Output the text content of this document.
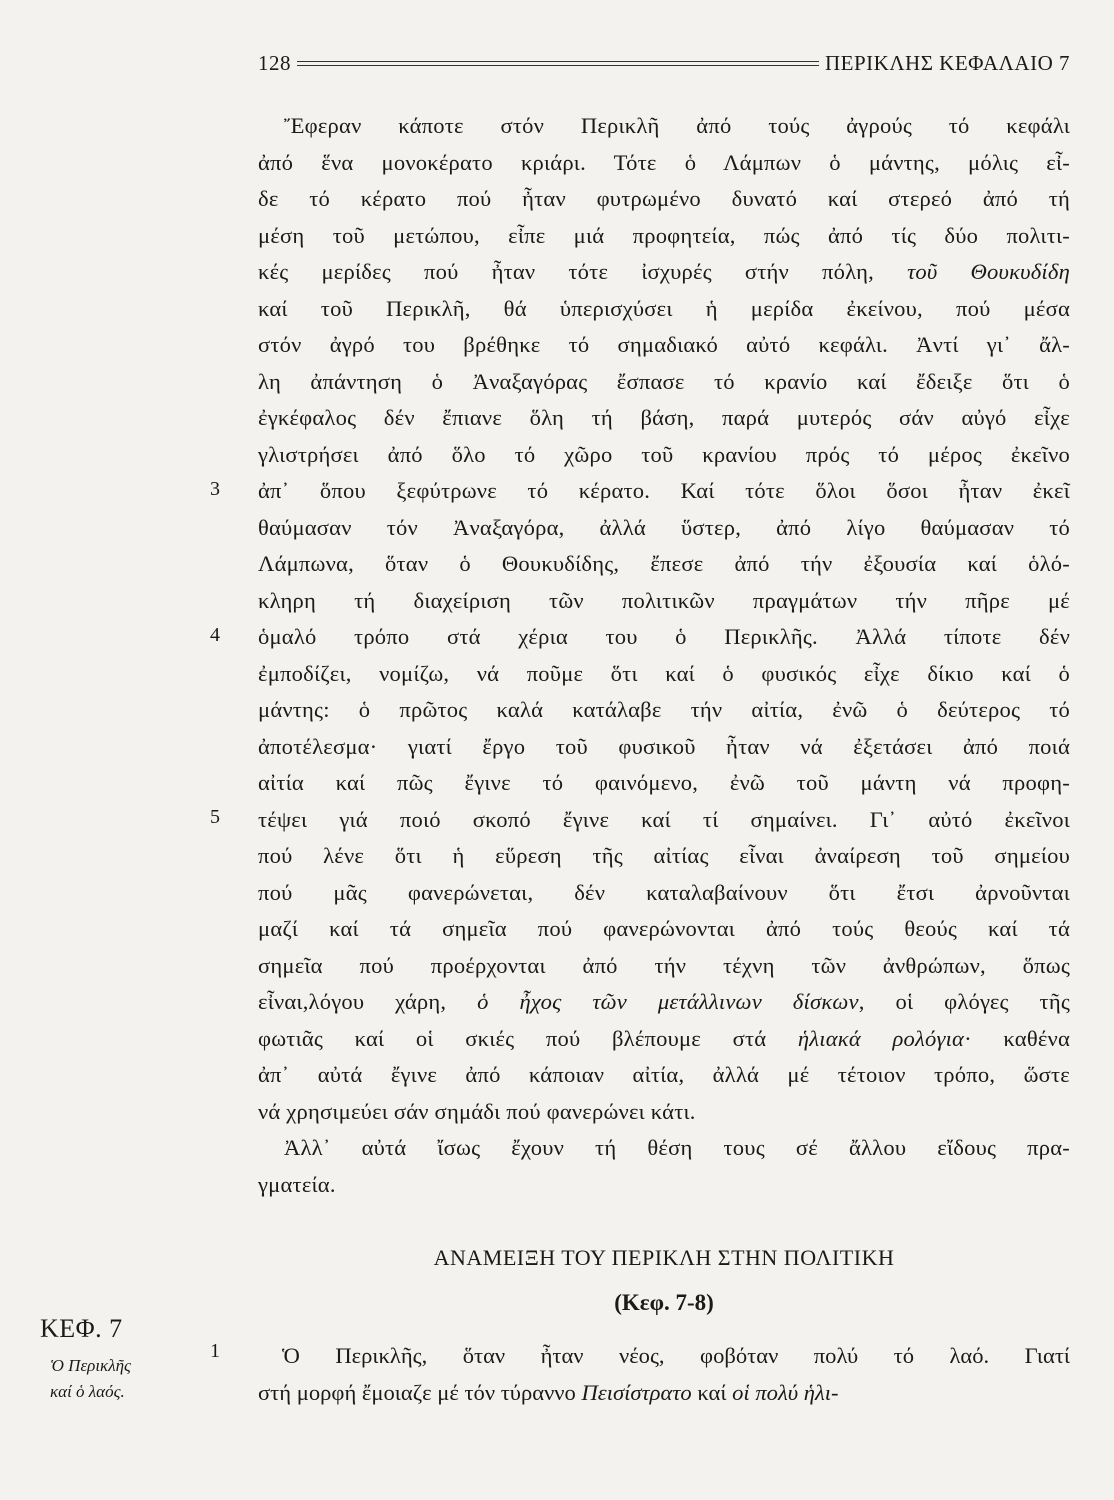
128	ΠΕΡΙΚΛΗΣ ΚΕΦΑΛΑΙΟ 7
3
4
5
1
Ἔφεραν κάποτε στόν Περικλῆ ἀπό τούς ἀγρούς τό κεφάλι
ἀπό ἕνα μονοκέρατο κριάρι. Τότε ὁ Λάμπων ὁ μάντης, μόλις εἶ-
δε τό κέρατο πού ἦταν φυτρωμένο δυνατό καί στερεό ἀπό τή
μέση τοῦ μετώπου, εἶπε μιά προφητεία, πώς ἀπό τίς δύο πολιτι-
κές μερίδες πού ἦταν τότε ἰσχυρές στήν πόλη, τοῦ Θουκυδίδη
καί τοῦ Περικλῆ, θά ὑπερισχύσει ἡ μερίδα ἐκείνου, πού μέσα
στόν ἀγρό του βρέθηκε τό σημαδιακό αὐτό κεφάλι. Ἀντί γι᾿ ἄλ-
λη ἀπάντηση ὁ Ἀναξαγόρας ἔσπασε τό κρανίο καί ἔδειξε ὅτι ὁ
ἐγκέφαλος δέν ἔπιανε ὅλη τή βάση, παρά μυτερός σάν αὐγό εἶχε
γλιστρήσει ἀπό ὅλο τό χῶρο τοῦ κρανίου πρός τό μέρος ἐκεῖνο
ἀπ᾿ ὅπου ξεφύτρωνε τό κέρατο. Καί τότε ὅλοι ὅσοι ἦταν ἐκεῖ
θαύμασαν τόν Ἀναξαγόρα, ἀλλά ὕστερ, ἀπό λίγο θαύμασαν τό
Λάμπωνα, ὅταν ὁ Θουκυδίδης, ἔπεσε ἀπό τήν ἐξουσία καί ὁλό-
κληρη τή διαχείριση τῶν πολιτικῶν πραγμάτων τήν πῆρε μέ
ὁμαλό τρόπο στά χέρια του ὁ Περικλῆς. Ἀλλά τίποτε δέν
ἐμποδίζει, νομίζω, νά ποῦμε ὅτι καί ὁ φυσικός εἶχε δίκιο καί ὁ
μάντης: ὁ πρῶτος καλά κατάλαβε τήν αἰτία, ἐνῶ ὁ δεύτερος τό
ἀποτέλεσμα· γιατί ἔργο τοῦ φυσικοῦ ἦταν νά ἐξετάσει ἀπό ποιά
αἰτία καί πῶς ἔγινε τό φαινόμενο, ἐνῶ τοῦ μάντη νά προφη-
τέψει γιά ποιό σκοπό ἔγινε καί τί σημαίνει. Γι᾿ αὐτό ἐκεῖνοι
πού λένε ὅτι ἡ εὕρεση τῆς αἰτίας εἶναι ἀναίρεση τοῦ σημείου
πού μᾶς φανερώνεται, δέν καταλαβαίνουν ὅτι ἔτσι ἀρνοῦνται
μαζί καί τά σημεῖα πού φανερώνονται ἀπό τούς θεούς καί τά
σημεῖα πού προέρχονται ἀπό τήν τέχνη τῶν ἀνθρώπων, ὅπως
εἶναι,λόγου χάρη, ὁ ἦχος τῶν μετάλλινων δίσκων, οἱ φλόγες τῆς
φωτιᾶς καί οἱ σκιές πού βλέπουμε στά ἡλιακά ρολόγια· καθένα
ἀπ᾿ αὐτά ἔγινε ἀπό κάποιαν αἰτία, ἀλλά μέ τέτοιον τρόπο, ὥστε
νά χρησιμεύει σάν σημάδι πού φανερώνει κάτι.
Ἀλλ᾿ αὐτά ἴσως ἔχουν τή θέση τους σέ ἄλλου εἴδους πρα-
γματεία.
ΑΝΑΜΕΙΞΗ ΤΟΥ ΠΕΡΙΚΛΗ ΣΤΗΝ ΠΟΛΙΤΙΚΗ
(Κεφ. 7-8)
ΚΕΦ. 7
Ὁ Περικλῆς
καί ὁ λαός.
Ὁ Περικλῆς, ὅταν ἦταν νέος, φοβόταν πολύ τό λαό. Γιατί
στή μορφή ἔμοιαζε μέ τόν τύραννο Πεισίστρατο καί οἱ πολύ ἡλι-
